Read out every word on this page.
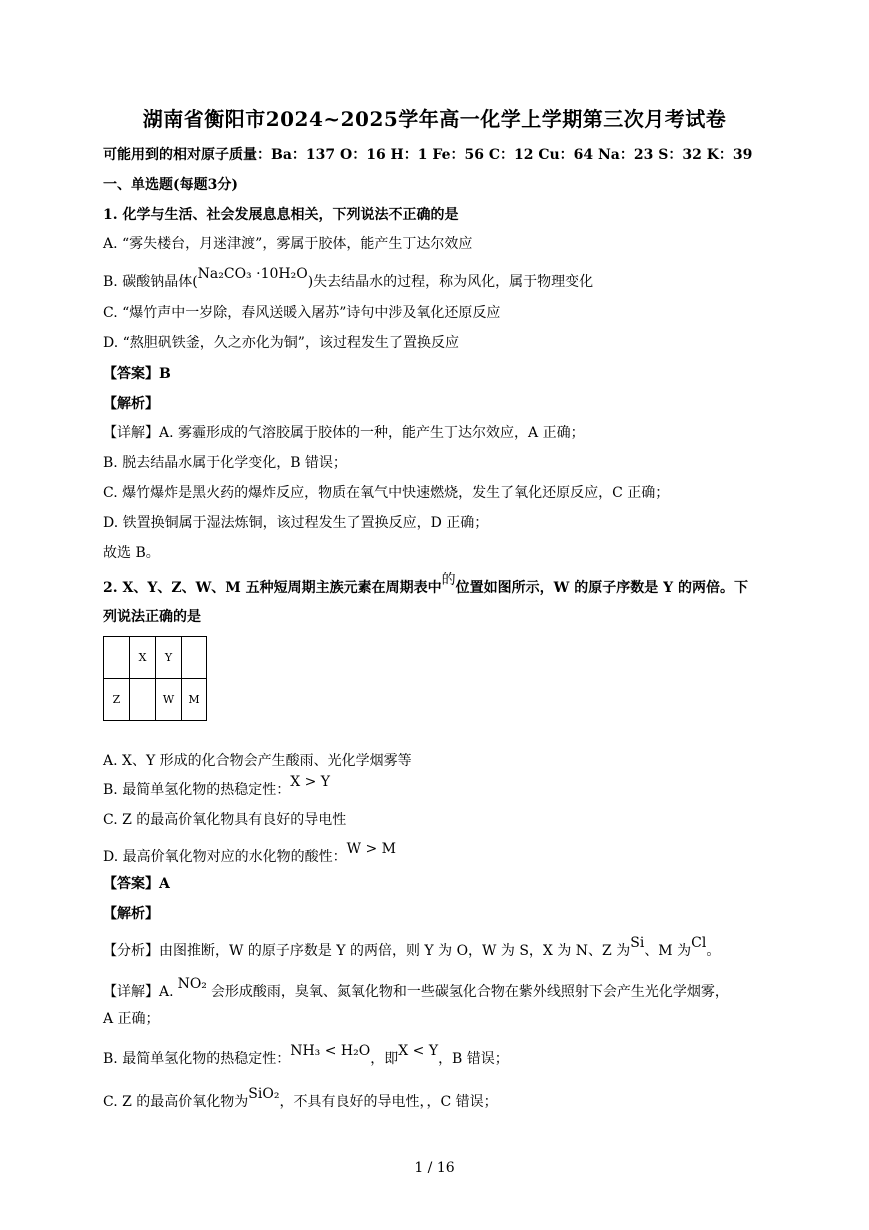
湖南省衡阳市2024~2025学年高一化学上学期第三次月考试卷
可能用到的相对原子质量：Ba：137 O：16 H：1 Fe：56 C：12 Cu：64 Na：23 S：32 K：39
一、单选题(每题3分)
1. 化学与生活、社会发展息息相关，下列说法不正确的是
A. “雾失楼台，月迷津渡”，雾属于胶体，能产生丁达尔效应
B. 碳酸钠晶体(Na₂CO₃ ·10H₂O)失去结晶水的过程，称为风化，属于物理变化
C. “爆竹声中一岁除，春风送暖入屠苏”诗句中涉及氧化还原反应
D. “熬胆矾铁釜，久之亦化为铜”，该过程发生了置换反应
【答案】B
【解析】
【详解】A. 雾霾形成的气溶胶属于胶体的一种，能产生丁达尔效应，A 正确；
B. 脱去结晶水属于化学变化，B 错误；
C. 爆竹爆炸是黑火药的爆炸反应，物质在氧气中快速燃烧，发生了氧化还原反应，C 正确；
D. 铁置换铜属于湿法炼铜，该过程发生了置换反应，D 正确；
故选 B。
2. X、Y、Z、W、M 五种短周期主族元素在周期表中的位置如图所示，W 的原子序数是 Y 的两倍。下
列说法正确的是
	X	Y	
Z		W	M
A. X、Y 形成的化合物会产生酸雨、光化学烟雾等
B. 最简单氢化物的热稳定性：X > Y
C. Z 的最高价氧化物具有良好的导电性
D. 最高价氧化物对应的水化物的酸性：W > M
【答案】A
【解析】
【分析】由图推断，W 的原子序数是 Y 的两倍，则 Y 为 O，W 为 S，X 为 N、Z 为Si、M 为Cl。
【详解】A. NO₂ 会形成酸雨，臭氧、氮氧化物和一些碳氢化合物在紫外线照射下会产生光化学烟雾，
A 正确；
B. 最简单氢化物的热稳定性：NH₃ < H₂O，即X < Y，B 错误；
C. Z 的最高价氧化物为SiO₂，不具有良好的导电性，，C 错误；
1 / 16
